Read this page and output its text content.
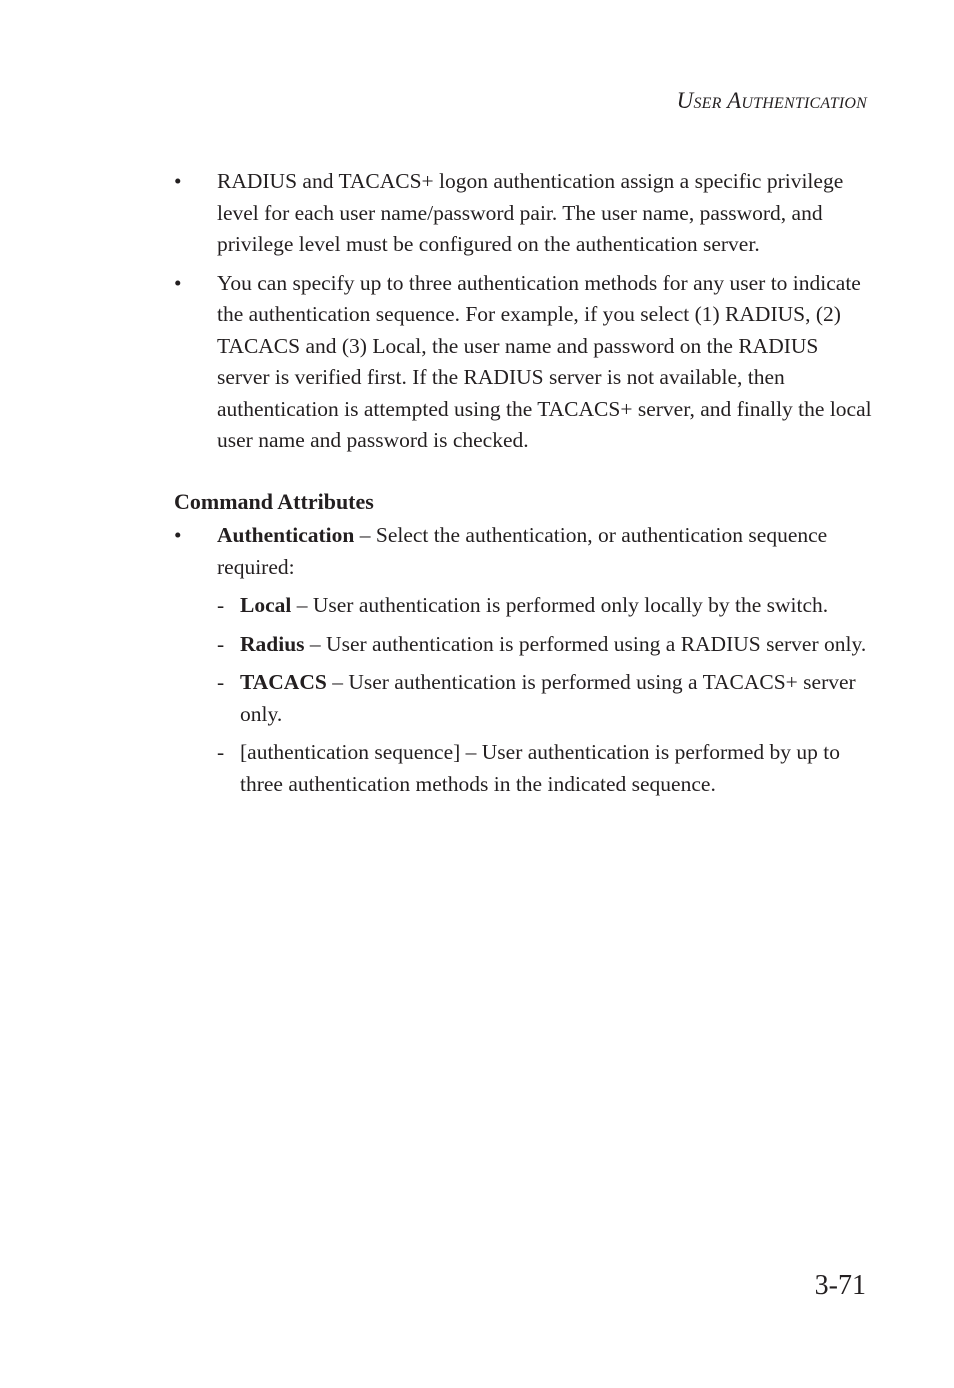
User Authentication
• RADIUS and TACACS+ logon authentication assign a specific privilege level for each user name/password pair. The user name, password, and privilege level must be configured on the authentication server.
• You can specify up to three authentication methods for any user to indicate the authentication sequence. For example, if you select (1) RADIUS, (2) TACACS and (3) Local, the user name and password on the RADIUS server is verified first. If the RADIUS server is not available, then authentication is attempted using the TACACS+ server, and finally the local user name and password is checked.
Command Attributes
• Authentication – Select the authentication, or authentication sequence required:
- Local – User authentication is performed only locally by the switch.
- Radius – User authentication is performed using a RADIUS server only.
- TACACS – User authentication is performed using a TACACS+ server only.
- [authentication sequence] – User authentication is performed by up to three authentication methods in the indicated sequence.
3-71
